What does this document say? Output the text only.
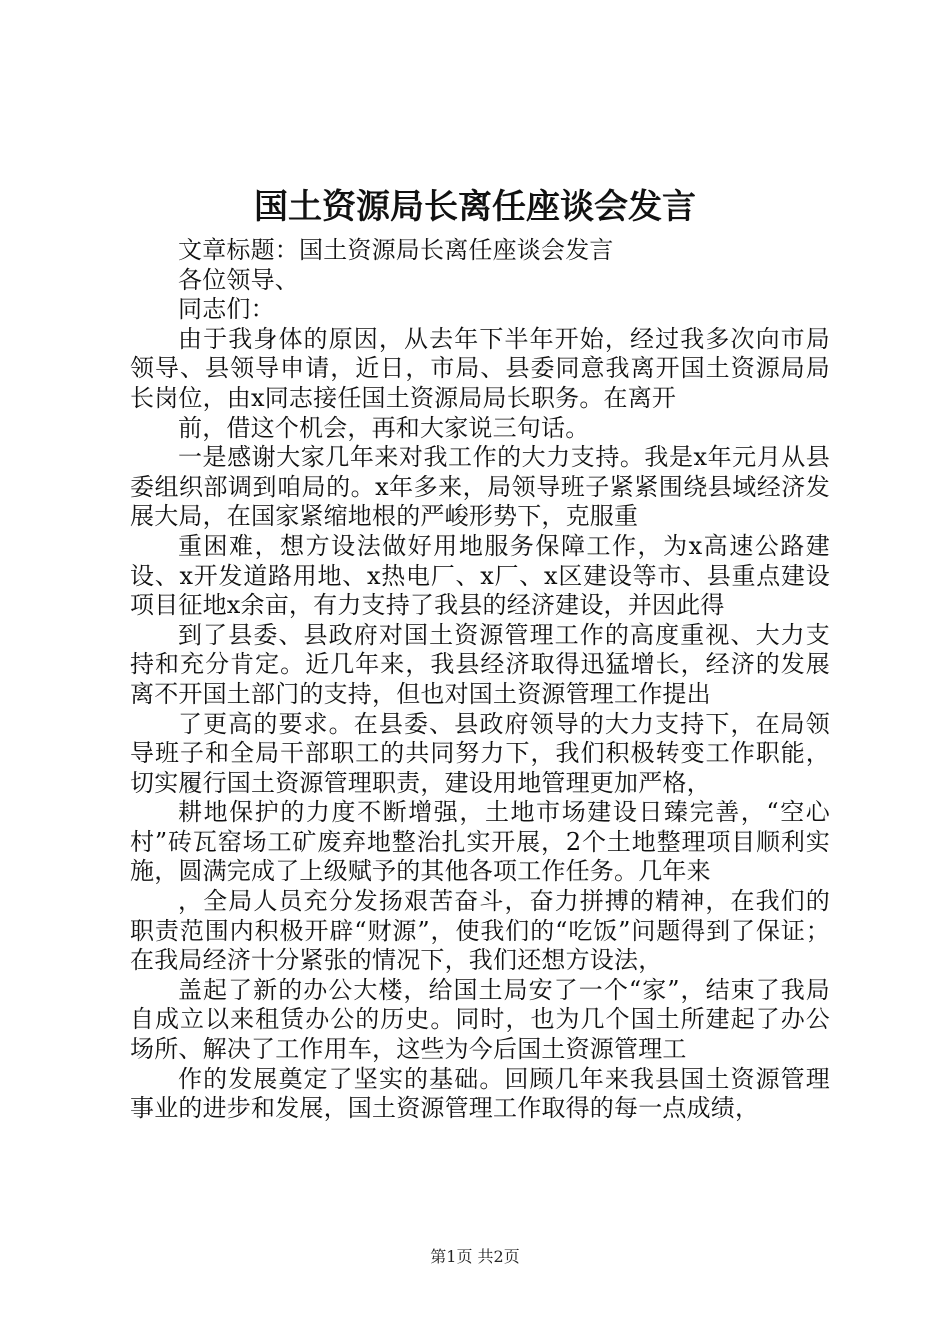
国土资源局长离任座谈会发言

文章标题：国土资源局长离任座谈会发言

各位领导、

同志们：

由于我身体的原因，从去年下半年开始，经过我多次向市局领导、县领导申请，近日，市局、县委同意我离开国土资源局局长岗位，由x同志接任国土资源局局长职务。在离开

前，借这个机会，再和大家说三句话。

一是感谢大家几年来对我工作的大力支持。我是x年元月从县委组织部调到咱局的。x年多来，局领导班子紧紧围绕县域经济发展大局，在国家紧缩地根的严峻形势下，克服重

重困难，想方设法做好用地服务保障工作，为x高速公路建设、x开发道路用地、x热电厂、x厂、x区建设等市、县重点建设项目征地x余亩，有力支持了我县的经济建设，并因此得

到了县委、县政府对国土资源管理工作的高度重视、大力支持和充分肯定。近几年来，我县经济取得迅猛增长，经济的发展离不开国土部门的支持，但也对国土资源管理工作提出

了更高的要求。在县委、县政府领导的大力支持下，在局领导班子和全局干部职工的共同努力下，我们积极转变工作职能，切实履行国土资源管理职责，建设用地管理更加严格，

耕地保护的力度不断增强，土地市场建设日臻完善，“空心村”砖瓦窑场工矿废弃地整治扎实开展，2个土地整理项目顺利实施，圆满完成了上级赋予的其他各项工作任务。几年来

，全局人员充分发扬艰苦奋斗，奋力拼搏的精神，在我们的职责范围内积极开辟“财源”，使我们的“吃饭”问题得到了保证；在我局经济十分紧张的情况下，我们还想方设法，

盖起了新的办公大楼，给国土局安了一个“家”，结束了我局自成立以来租赁办公的历史。同时，也为几个国土所建起了办公场所、解决了工作用车，这些为今后国土资源管理工

作的发展奠定了坚实的基础。回顾几年来我县国土资源管理事业的进步和发展，国土资源管理工作取得的每一点成绩，

第1页 共2页
